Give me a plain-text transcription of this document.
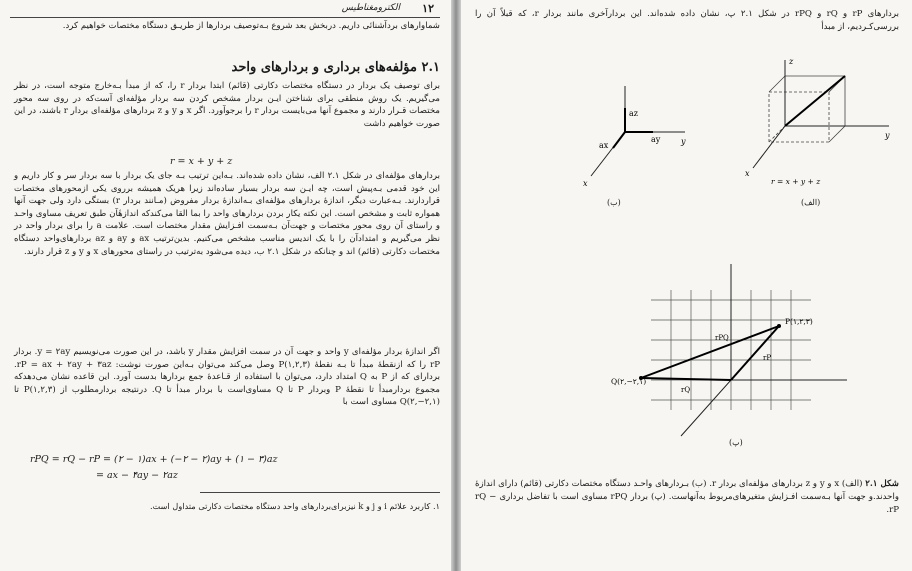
۱۲
الکترومغناطیس
شماوارهای بردآشنائی داریم. دربخش بعد شروع بـه‌توصیف بردارها از طریـق دستگاه مختصات خواهیم کرد.
۲.۱ مؤلفه‌های برداری و بردارهای واحد
برای توصیف یک بردار در دستگاه مختصات دکارتی (قائم) ابتدا بردار r را، که از مبدأ بـه‌خارج متوجه است، در نظر می‌گیریم. یک روش منطقی برای شناختن ایـن بردار مشخص کردن سه بردار مؤلفه‌ای آست‌که در روی سه محور مختصات قـرار دارند و مجموع آنها می‌بایست بردار r را برجوآورد. اگر x و y و z بردارهای مؤلفه‌ای بردار r باشند، در این صورت خواهیم داشت
r = x + y + z
بردارهای مؤلفه‌ای در شکل ۲.۱ الف، نشان داده شده‌اند. بـه‌این ترتیب بـه جای یک بردار با سه بردار سر و کار داریم و این خود قدمی بـه‌پیش است، چه ایـن سه بردار بسیار ساده‌اند زیرا هریک همیشه برروی یکی ازمحورهای مختصات قراردارند. بـه‌عبارت دیگر، اندازهٔ بردارهای مؤلفه‌ای بـه‌اندازهٔ بردار مفروض (مـانند بردار r) بستگی دارد ولی جهت آنها همواره ثابت و مشخص است. این نکته یکار بردن بردارهای واحد را بما القا می‌کندکه اندازهٔآن طبق تعریف مساوی واحـد و راستای آن روی محور مختصات و جهت‌آن بـه‌سمت افـزایش مقدار مختصات است. علامت a را برای بردار واحد در نظر می‌گیریم و امتدادآن را با یک اندیس مناسب مشخص می‌کنیم. بدین‌ترتیب ax و ay و az بردارهای‌واحد دستگاه مختصات دکارتی (قائم) اند و چنانکه در شکل ۲.۱ ب، دیده می‌شود به‌ترتیب در راستای محورهای x و y و z قرار دارند.
اگر اندازهٔ بردار مؤلفه‌ای y واحد و جهت آن در سمت افزایش مقدار y باشد، در این صورت می‌نویسیم y = ۲ay. بردار rP را که ازنقطهٔ مبدأ تا بـه نقطهٔ P(۱,۲,۳) وصل می‌کند می‌توان بـه‌این صورت نوشت: rP = ax + ۲ay + ۳az. بردارای که از P به Q امتداد دارد، می‌توان با استفاده از قـاعدهٔ جمع بردارها بدست آورد. این قاعده نشان می‌دهدکه مجموع بردارمبدأ تا نقطهٔ P وبردار P تا Q مساوی‌است با بردار مبدأ تا Q. درنتیجه بردارمطلوب از P(۱,۲,۳) تا Q(۲,−۲,۱) مساوی است با
rPQ = rQ − rP = (۲ − ۱)ax + (−۲ − ۲)ay + (۱ − ۳)az
= ax − ۴ay − ۲az
۱. کاربرد علائم i و j و k نیزبرای‌بردارهای واحد دستگاه مختصات دکارتی متداول است.
بردارهای rP و rQ و rPQ در شکل ۲.۱ پ، نشان داده شده‌اند. این بردارآخری مانند بردار r، که قبلاً آن را بررسی‌کـردیم، از مبدأ
az
ay
ax	y
x
(ب)
z
y
x
r = x + y + z
(الف)
P(۱,۲,۳)
Q(۲,−۲,۱)
rP
rQ
rPQ
(پ)
شکل ۲.۱ (الف) x و y و z بردارهای مؤلفه‌ای بردار r. (ب) بـردارهای واحـد دستگاه مختصات دکارتی (قائم) دارای اندازهٔ واحدند.و جهت آنها بـه‌سمت افـزایش متغیرهای‌مربوط به‌آنهاست. (پ) بردار rPQ مساوی است با تفاضل برداری rQ − rP.
